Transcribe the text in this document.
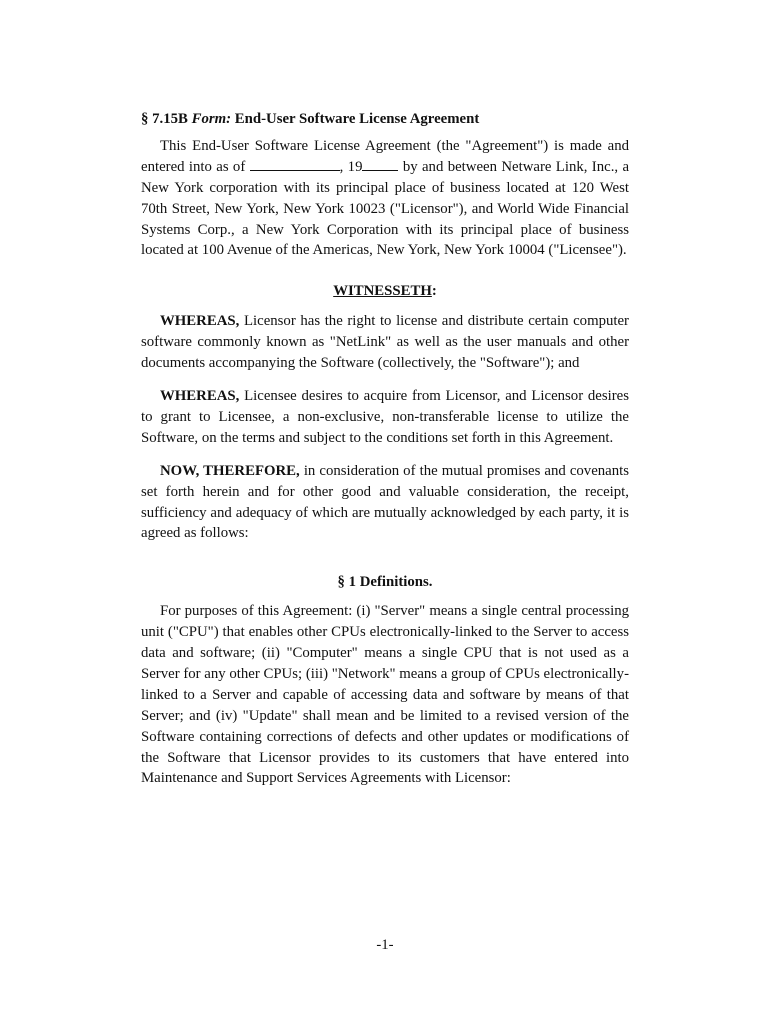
§ 7.15B Form: End-User Software License Agreement

This End-User Software License Agreement (the "Agreement") is made and entered into as of	, 19	by and between Netware Link, Inc., a New York corporation with its principal place of business located at 120 West 70th Street, New York, New York 10023 ("Licensor"), and World Wide Financial Systems Corp., a New York Corporation with its principal place of business located at 100 Avenue of the Americas, New York, New York 10004 ("Licensee").

WITNESSETH:

WHEREAS, Licensor has the right to license and distribute certain computer software commonly known as "NetLink" as well as the user manuals and other documents accompanying the Software (collectively, the "Software"); and

WHEREAS, Licensee desires to acquire from Licensor, and Licensor desires to grant to Licensee, a non-exclusive, non-transferable license to utilize the Software, on the terms and subject to the conditions set forth in this Agreement.

NOW, THEREFORE, in consideration of the mutual promises and covenants set forth herein and for other good and valuable consideration, the receipt, sufficiency and adequacy of which are mutually acknowledged by each party, it is agreed as follows:

§ 1 Definitions.

For purposes of this Agreement: (i) "Server" means a single central processing unit ("CPU") that enables other CPUs electronically-linked to the Server to access data and software; (ii) "Computer" means a single CPU that is not used as a Server for any other CPUs; (iii) "Network" means a group of CPUs electronically-linked to a Server and capable of accessing data and software by means of that Server; and (iv) "Update" shall mean and be limited to a revised version of the Software containing corrections of defects and other updates or modifications of the Software that Licensor provides to its customers that have entered into Maintenance and Support Services Agreements with Licensor:

-1-
